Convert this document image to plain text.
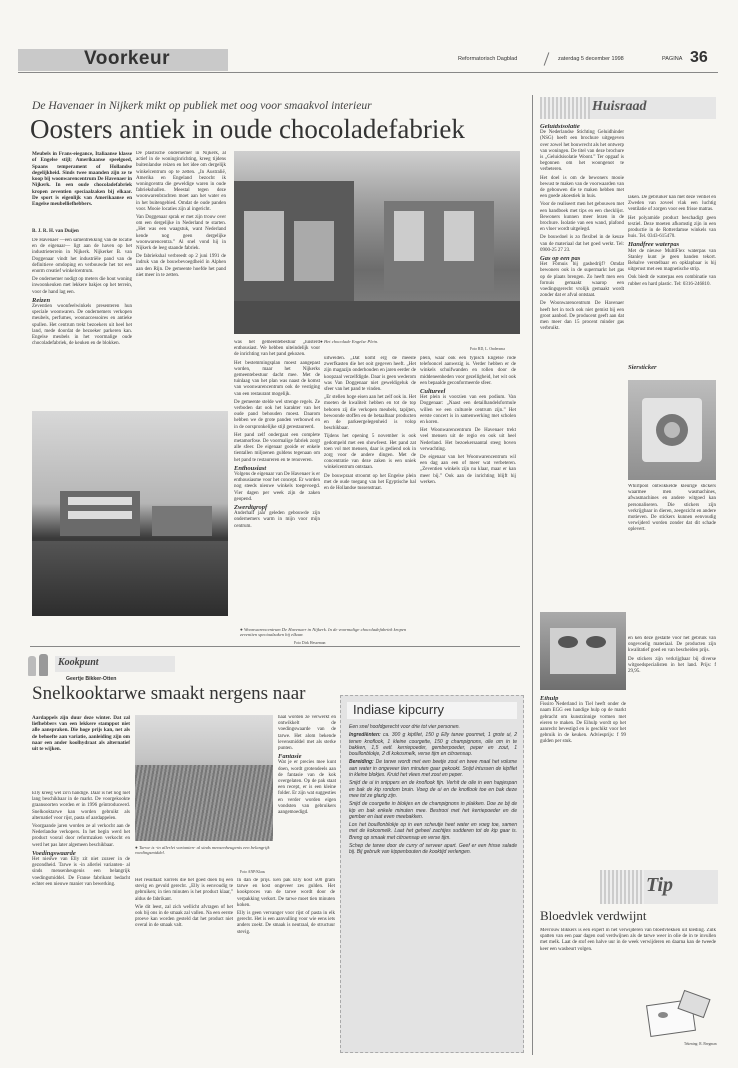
Voorkeur	Reformatorisch Dagblad	zaterdag 5 december 1998	PAGINA 36
De Havenaer in Nijkerk mikt op publiek met oog voor smaakvol interieur
Oosters antiek in oude chocoladefabriek
Meubels in Frans-eiegance, Italiaanse klasse of Engelse stijl; Amerikaanse speelgoed, Spaans temperament of Hollandse degelijkheid. Sinds twee maanden zijn ze te koop bij woonwarencentrum De Havenaer in Nijkerk. In een oude chocoladefabriek kropen zeventien speciaalzaken bij elkaar. De sport is eigenlijk van Amerikaanse en Engelse meubelliefhebbers.
B. J. R. H. van Duijen

De Havenaer —een samentrekking van de locatie en de eigenaar— ligt aan de haven op het industrieterrein in Nijkerk. Nijkerker B. van Doggenaar vindt het industriële pand van de definitieve omdoping en verbouwde het tot een enorm creatief winkelcentrum.

De ondernemer nodigt op meters die hout woning inwoonkeuken met lekkere bakjes op het terrein, voor de hand lag een.

Reizen

Zeventien woonfeelwinkels presenteren hun speciale woonwaren. De ondernemers verkopen meubels, perfumes, woonaccessoires en antieke spullen. Het centrum trekt bezoekers uit heel het land, mede doordat de bezoeker parkeren kan. Engelse meubels in het voormalige oude chocoladefabriek, de keuken en de blokken.

De plastische ondernemer in Nijkerk, al actief in de woninginrichting, kreeg tijdens buitenlandse reizen en het idee om dergelijk winkelcentrum op te zetten. „In Australië, Amerika en Engeland bezocht ik woningcentra die geweldige waren in oude fabriekshallen. Meestal tegen deze woonwarenbrachten moet aan het water en in het buitengebied. Omdat de oude panden voor. Mooie locaties zijn al ingericht.

Van Doggenaar sprak er met zijn trouw over om een dergelijke in Nederland te starten. „Het was een waagstuk, want Nederland kende nog geen dergelijke woonwarencentra.” Al snel vond hij in Nijkerk de leeg staande fabriek.

De fabriekshal verbreedt op 2 juni 1991 de indruk van de bouwbevoegdheid in Alphen aan den Rijn. De gemeente hoefde het pand niet meer in te zetten.

● Het chocolade Engelse Plein.
Foto RD, L. Ondersma

was het gemeentebestuur „luisterd enthousiast. We hebben uiteindelijk voor de inrichting van het pand gekozen.

Het bestemmingsplan moest aangepast worden, maar het Nijkerks gemeentebestuur dacht mee. Met de tuinlaag van het plan was naast de komst van woonwarencentrum ook de vestiging van een restaurant mogelijk.

De gemeente stelde wel strenge regels. Ze verboden dat ook het karakter van het oude pand behouden moest. Daarom hebben we de grote panden verbouwd en in de oorspronkelijke stijl gerestaureerd.

Het pand zelf ondergaat een complete metamorfose. De voormalige fabriek zorgt alle sfeer. De eigenaar gooide er enkele tientallen miljoenen guldens tegenaan om het pand te restaureren en te renoveren.

Enthousiast

Volgens de eigenaar van De Havenaer is er enthousiasme voor het concept. Er worden nog steeds nieuwe winkels toegevoegd. Vier dagen per week zijn de zaken geopend.

Zwerdtgropf

Anderhalf jaar geleden gebouwde zijn ondernemers warm in mijn voor mijn centrum.

uitweiden. „Dat komt erg de meeste zwerfkasten die het ooit gegeven heeft. „Het zijn magazijn onderhouden en jaren eerder de koopzaal verzelfdigde. Daar is geen wederom was Van Doggenaar niet geweldigeluk de sfeer van het pand te vinden.

„Er stellen hoge eisen aan het zelf ook in. Het moeten de kwaliteit hebben en tot de top behoren zij die verkopen meubels, tapijten, bewoonde stoffen en de betaalbaar producten en de parkeergelegenheid is volop beschikbaar.

Tijdens het opening 5 november is ook gedompeld met een showfeest. Het pand zat toen vol met mensen, daar is gediend ook in zorg voor de andere dingen. Met de concentratie van deze zaken is een uniek winkelcentrum ontstaan.

De bouwpraat stroomt op het Engelse plein met de oude toegang van het Egyptische hal en de Hollandse tussenstraat.

plein, waar ook een typisch Engelse rode telefooncel aanwezig is. Verder hebben er de winkels schuifwanden en rollen door de middeneenheden voor gezelligheid, het wit ook een bepaalde geconformeerde sfeer.

Cultureel

Het plein is voorzien van een podium. Van Doggenaar: „Naast een detailhandelsformule willen we een culturele centrum zijn.” Het eerste concert is in samenwerking met scholen en koren.

Het Woonwarencentrum De Havenaer trekt veel mensen uit de regio en ook uit heel Nederland. Het bezoekersaantal steeg boven verwachting.

De eigenaar van het Woonwarencentrum wil een dag aan een of meer wat verbeteren. „Zeventien winkels zijn nu klaar, maar er kan meer bij.” Ook aan de inrichting blijft hij werken.

● Woonwarencentrum De Havenaer in Nijkerk. In de voormalige chocoladefabriek kropen zeventien speciaalzaken bij elkaar.
Foto Dirk Hesseman
Huisraad
Geluidsisolatie

De Nederlandse Stichting Geluidhinder (NSG) heeft een brochure uitgegeven over zowel het bouwrecht als het ontwerp van woningen. De titel van deze brochure is „Geluidsisolatie Woont.” Ter opgaaf is begonnen om het woongenot te verbeteren.

Het doel is om de bewoners mooie bewust te maken van de voorwaarden van de gebouwen die te maken hebben met een goede akoestiek in huis.

Voor de realiseert men het gebouwen met een handboek met tips en een checklijst. Bewoners kunnen meer lezen in de brochure. Isolatie van een wand, plafond en vloer wordt uitgelegd.

De bouwdoel is zo flexibel in de keuze van de materiaal dat het goed werkt. Tel: 0900-25 27 23.

Gas op een pas

Het Fornuis bij gasbedrijf? Omdat bewoners ook in de supermarkt het gas op de plaats brengen. Zo heeft men een fornuis gemaakt waarop een voedingsgerecht vrolijk gemaakt wordt zonder dat er afval ontstaat.

De Woonwarencentrum De Havenaer heeft het in toch ook niet gemist bij een groot aanbod. De producent geeft aan dat men meer dan 15 procent minder gas verbruikt.

laken. De gebruiker kan met deze ventiel en Zweden van zoveel vlak een luchtig ventilatie of zorgen voor een frisse matras.

Het polyamide product beschadigt geen textiel. Deze moeten afkomstig zijn in een productie in de Rotterdamse winkels van huis. Tel. 0343-615470.

Handfree waterpas

Met de nieuwe MultiFlex waterpas van Stanley kunt je geen handen tekort. Behalve verstelbaar en opklapbaar is hij uitgerust met een magnetische strip.

Ook biedt de waterpas een combinatie van rubber en hard plastic. Tel: 0316-246810.

Siersticker

Whirlpool ontwikkelde kleurige stickers waarmee men wasmachines, afwasmachines en andere witgoed kan personaliseren. Die stickers zijn verkrijgbaar in dieren, zeegezicht en andere motieven. De stickers kunnen eenvoudig verwijderd worden zonder dat dit schade oplevert.

Eihulp

Fissiro Nederland in Tiel heeft onder de naam EGG een handige hulp op de markt gebracht om kunstzinnige vormen met eieren te maken. De Eihulp wordt op het aanrecht bevestigd en is geschikt voor het gebruik in de keuken. Adviesprijs: f 99 gulden per stuk.

en ken deze gestalte voor het gebruik van ongevoelig materiaal. De producten zijn kwalitatief goed en van bescheiden prijs.

De stickers zijn verkrijgbaar bij diverse witgoedspecialisten in het land. Prijs: f 29,95.

Kookpunt
Geertje Bikker-Otten
Snelkooktarwe smaakt nergens naar
Aardappels zijn duur deze winter. Dat zal liefhebbers van een lekkere stamppot niet alle aanspraken. Die hoge prijs kan, net als de behoefte aan variatie, aanleiding zijn om naar een ander koolhydraat als alternatief uit te wijken.

Elly kreeg wel zo'n handige. Daar is het nog niet lang beschikbaar in de markt. De voorgekookte graansoorten worden er in 1996 geïntroduceerd. Snelkooktarwe kan worden gebruikt als alternatief voor rijst, pasta of aardappelen.

Voorgaande jaren worden ze al verkocht aan de Nederlandse verkopers. In het begin werd het product vooral door reformzaken verkocht en werd het pas later algemeen beschikbaar.

Voedingswaarde

Het nieuwe van Elly zit niet zozeer in de gezondheid. Tarwe is -in allerlei varianten- al sinds mensenheugenis een belangrijk voedingsmiddel. De Franse fabrikant bedacht echter een nieuwe manier van bewerking.

● Tarwe is -in allerlei varianten- al sinds mensenheugenis een belangrijk voedingsmiddel.
Foto ANP/Klaas

haal worden ze verwerkt en ontwikkelt de voedingswaarde van de tarwe. Het alom bekende levensmiddel met als sterke punten.

Fantasie

Wat je er precies mee kunt doen, wordt grotendeels aan de fantasie van de kok overgelaten. Op de pak staat een recept, er is een kleine folder. Er zijn wat suggesties en verder worden eigen vondsten van gebruikers aangemoedigd.

Het resultaat: korrels die het goed doen bij een stevig en gevuld gerecht. „Elly is eenvoudig te gebruiken; in tien minuten is het product klaar,” aldus de fabrikant.

Wie dit leest, zal zich wellicht afvragen of het ook bij ons in de smaak zal vallen. Na een eerste proeve kan worden gesteld dat het product niet overal in de smaak valt.

In dan de prijs. Een pak Elly kost 500 gram tarwe en kost ongeveer zes gulden. Het kookproces van de tarwe wordt door de verpakking verkort. De tarwe moet tien minuten koken.

Elly is geen vervanger voor rijst of pasta in elk gerecht. Het is een aanvulling voor wie eens iets anders zoekt. De smaak is neutraal, de structuur stevig.

Indiase kipcurry

Een snel hoofdgerecht voor drie tot vier personen.

Ingrediënten: ca. 300 g kipfilet, 150 g Elly tarwe gourmet, 1 grote ui, 2 tenen knoflook, 1 kleine courgette, 150 g champignons, olie om in te bakken, 1,5 eetl. kerriepoeder, gemberpoeder, peper en zout, 1 bouillonblokje, 2 dl kokosmelk, verse tijm en citroensap.

Bereiding: De tarwe wordt met een beetje zout en twee maal het volume aan water in ongeveer tien minuten gaar gekookt. Snijd intussen de kipfilet in kleine blokjes. Kruid het vlees met zout en peper.

Snijd de ui in snippers en de knoflook fijn. Verhit de olie in een hapjespan en bak de kip rondom bruin. Voeg de ui en de knoflook toe en bak deze mee tot ze glazig zijn.

Snijd de courgette in blokjes en de champignons in plakken. Doe ze bij de kip en bak enkele minuten mee. Bestrooi met het kerriepoeder en de gember en laat even meebakken.

Los het bouillonblokje op in een scheutje heet water en voeg toe, samen met de kokosmelk. Laat het geheel zachtjes sudderen tot de kip gaar is. Breng op smaak met citroensap en verse tijm.

Schep de tarwe door de curry of serveer apart. Geef er een frisse salade bij. Bij gebruik van kippenbouten de kooktijd verlengen.

Tip
Bloedvlek verdwijnt

Mevrouw Bikkers is een expert in het verwijderen van bloedvlekken uit kleding. Zulk spatten van een paar dagen oud verdwijnen als de tarwe weer in olie de in te invullen met melk. Laat de stof een halve uur in de week verwijderen en daarna kan de tweede keer een wasbeurt volgen.

Tekening: R. Bregman
